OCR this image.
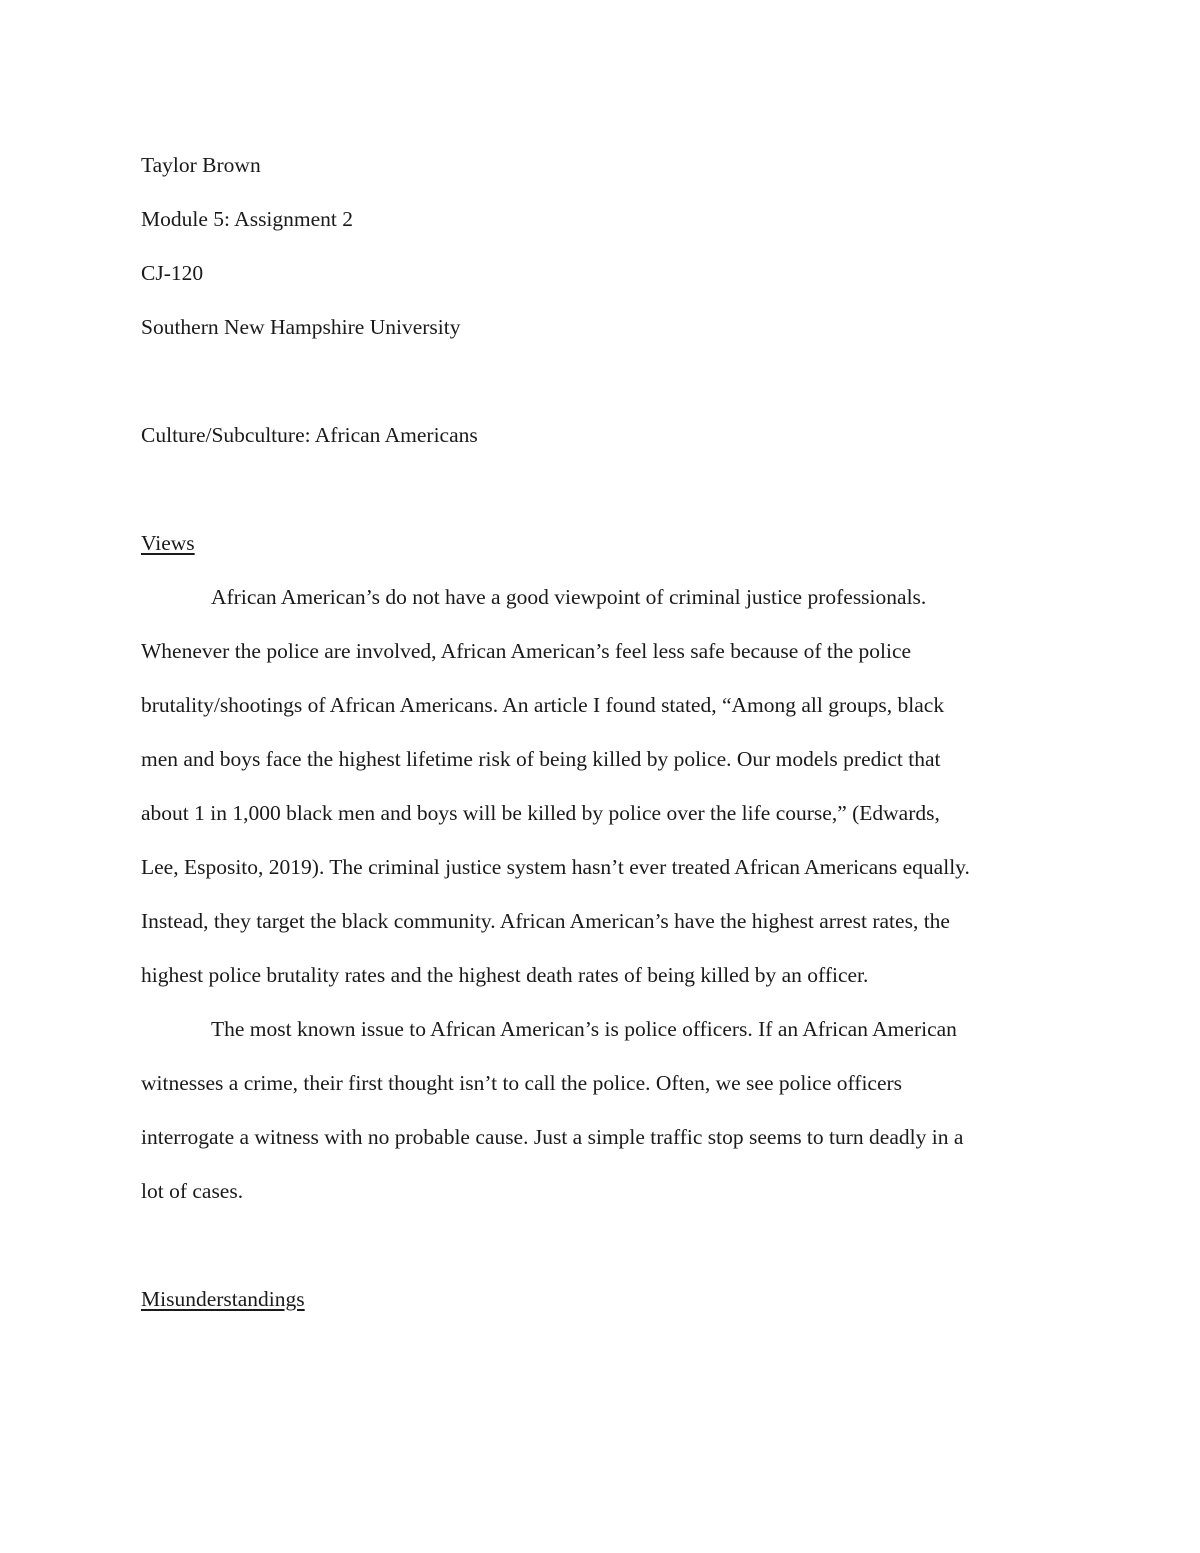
Taylor Brown
Module 5: Assignment 2
CJ-120
Southern New Hampshire University
Culture/Subculture: African Americans
Views
African American’s do not have a good viewpoint of criminal justice professionals.
Whenever the police are involved, African American’s feel less safe because of the police
brutality/shootings of African Americans. An article I found stated, “Among all groups, black
men and boys face the highest lifetime risk of being killed by police. Our models predict that
about 1 in 1,000 black men and boys will be killed by police over the life course,” (Edwards,
Lee, Esposito, 2019). The criminal justice system hasn’t ever treated African Americans equally.
Instead, they target the black community. African American’s have the highest arrest rates, the
highest police brutality rates and the highest death rates of being killed by an officer.
The most known issue to African American’s is police officers. If an African American
witnesses a crime, their first thought isn’t to call the police. Often, we see police officers
interrogate a witness with no probable cause. Just a simple traffic stop seems to turn deadly in a
lot of cases.
Misunderstandings
